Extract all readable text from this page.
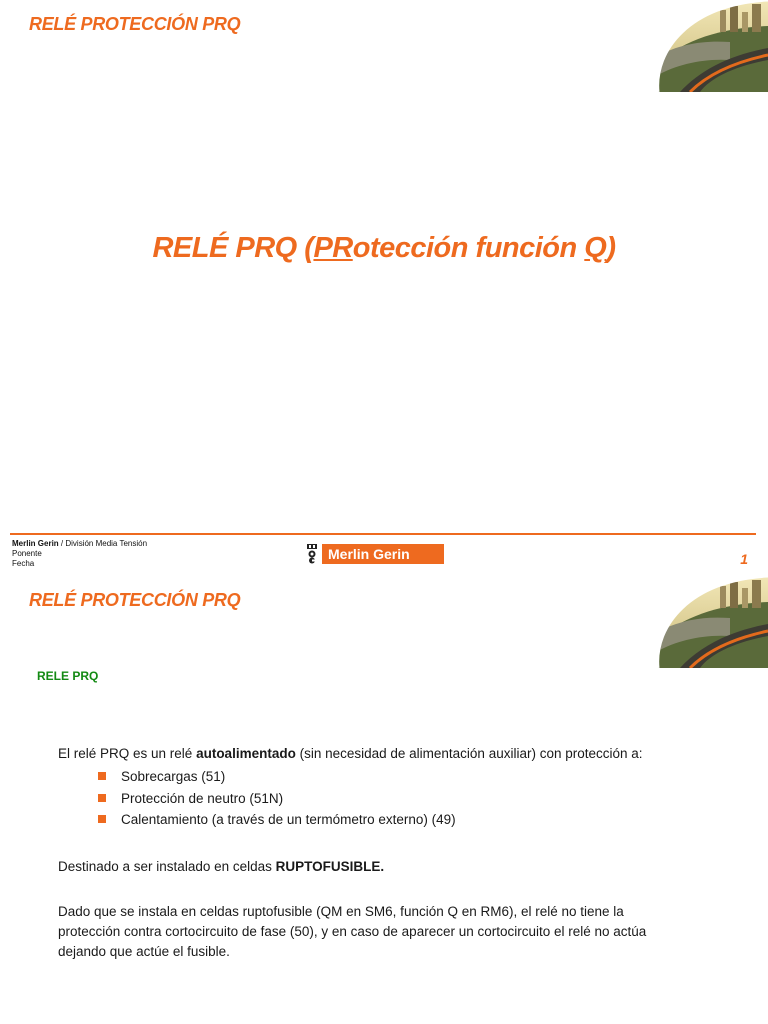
RELÉ PROTECCIÓN PRQ
RELÉ PRQ (PRotección función Q)
Merlin Gerin / División Media Tensión
Ponente
Fecha
Merlin Gerin	1
RELÉ PROTECCIÓN PRQ
RELE PRQ
El relé PRQ es un relé autoalimentado (sin necesidad de alimentación auxiliar) con protección a:
Sobrecargas (51)
Protección de neutro (51N)
Calentamiento (a través de un termómetro externo) (49)
Destinado a ser instalado en celdas RUPTOFUSIBLE.
Dado que se instala en celdas ruptofusible (QM en SM6, función Q en RM6), el relé no tiene la
protección contra cortocircuito de fase (50), y en caso de aparecer un cortocircuito el relé no actúa
dejando que actúe el fusible.
